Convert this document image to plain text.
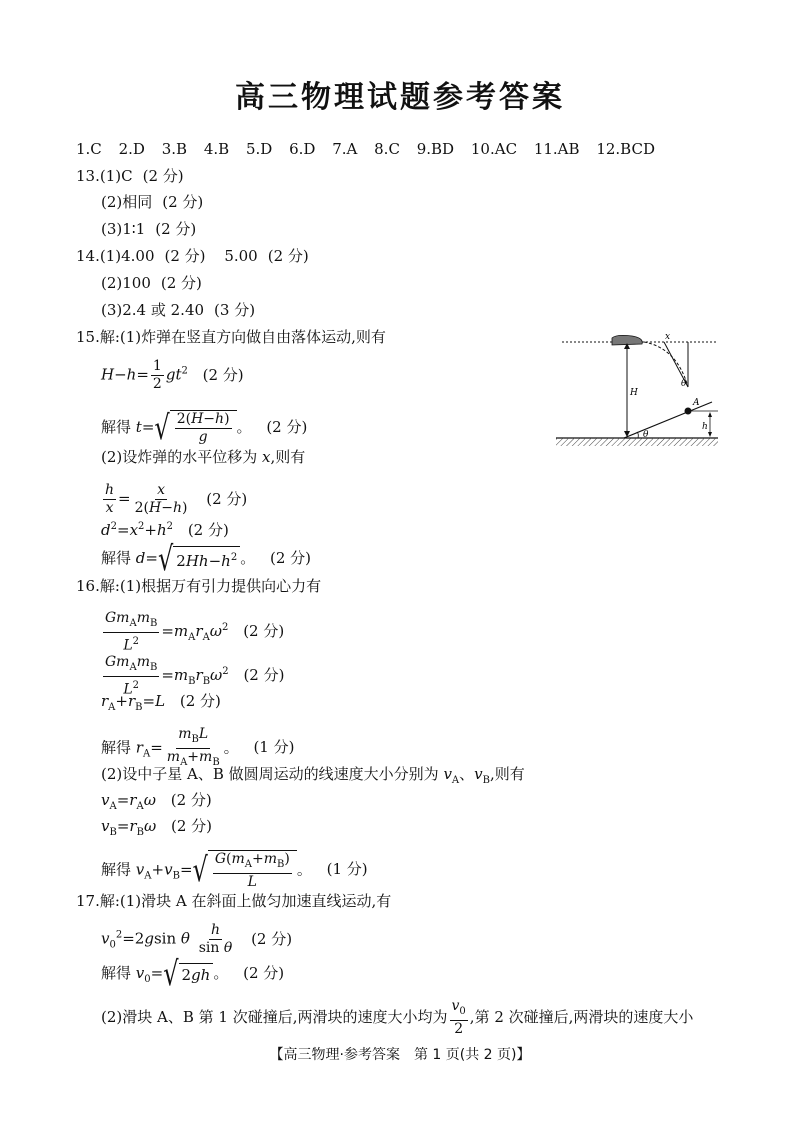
高三物理试题参考答案
1.C 2.D 3.B 4.B 5.D 6.D 7.A 8.C 9.BD 10.AC 11.AB 12.BCD
13.(1)C (2 分)
(2)相同 (2 分)
(3)1∶1 (2 分)
14.(1)4.00 (2 分) 5.00 (2 分)
(2)100 (2 分)
(3)2.4 或 2.40 (3 分)
15.解:(1)炸弹在竖直方向做自由落体运动,则有
$H-h= \frac{1}{2} gt^2$ (2 分)
解得 t= √ $\frac{2(H-h)}{g}$ 。 (2 分)
(2)设炸弹的水平位移为 x,则有
$\frac{h}{x} = \frac{x}{2(H-h)} (2$ 分)
$d^2=x^2+h^2$ (2 分)
解得 d= √ $2Hh-h^2$ 。 (2 分)
x
θ
H
A
h
θ
16.解:(1)根据万有引力提供向心力有
$\frac{Gm_Am_B}{L^2} =m_Ar_A\omega^2$ (2 分)
$\frac{Gm_Am_B}{L^2} =m_Br_B\omega^2$ (2 分)
$r_A+r_B=L$ (2 分)
解得 $r_A= \frac{m_BL}{m_A+m_B}$ 。 (1 分)
(2)设中子星 A、B 做圆周运动的线速度大小分别为 $v_A$、$v_B$,则有
$v_A=r_A\omega$ (2 分)
$v_B=r_B\omega$ (2 分)
解得 $v_A+v_B=$ √ $\frac{G(m_A+m_B)}{L}$ 。 (1 分)
17.解:(1)滑块 A 在斜面上做匀加速直线运动,有
$v_0^2=2gsin$ θ $\frac{h}{\text{sin θ}} (2$ 分)
解得 $v_0=$ √ 2gh 。 (2 分)
(2)滑块 A、B 第 1 次碰撞后,两滑块的速度大小均为 $\frac{v_0}{2}$ ,第 2 次碰撞后,两滑块的速度大小
【高三物理·参考答案　第 1 页(共 2 页)】
